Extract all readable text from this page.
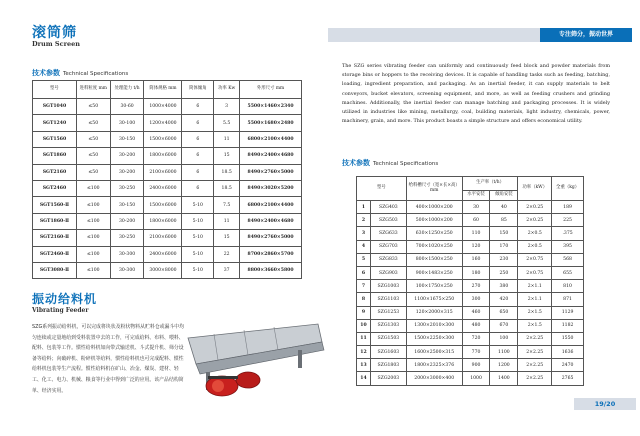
滚筒筛
Drum Screen
技术参数 Technical Specifications
型号	进料粒度 mm	处理能力 t/h	筒体规格 mm	筒体倾角	功率 Kw	外形尺寸 mm
SGT1040	≤50	30-60	1000×4000	6	3	5500×1460×2340
SGT1240	≤50	30-100	1200×4000	6	5.5	5500×1680×2480
SGT1560	≤50	30-150	1500×6000	6	11	6800×2100×4400
SGT1860	≤50	30-200	1800×6000	6	15	8490×2400×4680
SGT2160	≤50	30-200	2100×6000	6	18.5	8490×2760×5000
SGT2460	≤100	30-250	2400×6000	6	18.5	8490×3020×5200
SGT1560-Ⅱ	≤100	30-150	1500×6000	5-10	7.5	6800×2100×4400
SGT1860-Ⅱ	≤100	30-200	1800×6000	5-10	11	8490×2400×4680
SGT2160-Ⅱ	≤100	30-250	2100×6000	5-10	15	8490×2760×5000
SGT2460-Ⅱ	≤100	30-300	2400×6000	5-10	22	8700×2860×5700
SGT3080-Ⅱ	≤100	30-300	3000×8000	5-10	37	8800×3660×5800
振动给料机
Vibrating Feeder
SZG系列振动给料机，可以完成将块状及粉状物料从贮料仓或漏斗中均匀连续或定量地给到受料装置中去的工作，可完成给料、布料、喂料、配料、包装等工作。惯性给料机如向带式输送机、斗式提升机、筛分设备等给料；向破碎机、粉碎机等给料，惯性给料机也可完成配料、惯性给料机包装等生产流程。惯性给料机在矿山、冶金、煤炭、建材、轻工、化工、电力、机械、粮食等行业中得到广泛的应用。该产品结构简单、经济实用。
专注筛分，振动世界
The SZG series vibrating feeder can uniformly and continuously feed block and powder materials from storage bins or hoppers to the receiving devices. It is capable of handling tasks such as feeding, batching, loading, ingredient preparation, and packaging. As an inertial feeder, it can supply materials to belt conveyors, bucket elevators, screening equipment, and more, as well as feeding crushers and grinding machines. Additionally, the inertial feeder can manage batching and packaging processes. It is widely utilized in industries like mining, metallurgy, coal, building materials, light industry, chemicals, power, machinery, grain, and more. This product boasts a simple structure and offers economical utility.
技术参数 Technical Specifications
型号		给料槽尺寸（宽×长×高）mm	生产率（t/h）		功率（kW）	全重（kg）
			水平安装	倾角安装		
1	SZG403	400×1000×200	30	40	2×0.25	189
2	SZG503	500×1000×200	60	85	2×0.25	225
3	SZG633	630×1250×250	110	150	2×0.5	.375
4	SZG703	700×1020×250	120	170	2×0.5	395
5	SZG833	800×1500×250	160	230	2×0.75	568
6	SZG903	900×1483×250	180	250	2×0.75	655
7	SZG1003	100×1750×250	270	380	2×1.1	810
8	SZG1103	1100×1675×250	300	420	2×1.1	871
9	SZG1253	120×2000×315	460	650	2×1.5	1129
10	SZG1303	1300×2010×300	480	670	2×1.5	1182
11	SZG1503	1500×2250×300	720	100	2×2.25	1550
12	SZG1603	1600×2500×315	770	1100	2×2.25	1636
13	SZG1803	1800×2325×376	900	1200	2×2.25	2470
14	SZG2003	2000×3000×400	1000	1400	2×2.25	2765
19/20
